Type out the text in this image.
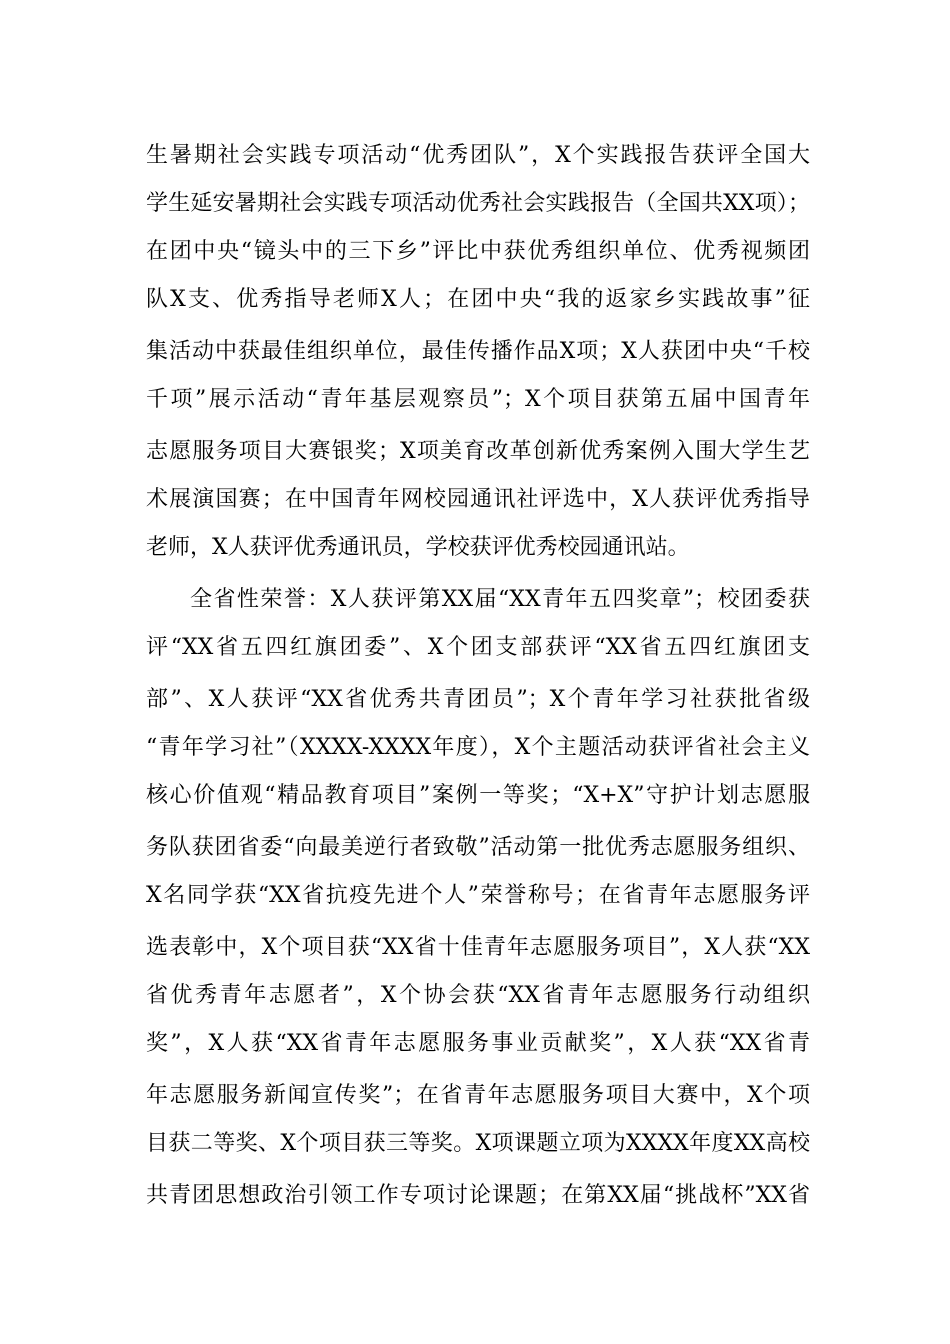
生暑期社会实践专项活动“优秀团队”，X个实践报告获评全国大
学生延安暑期社会实践专项活动优秀社会实践报告（全国共XX项）；
在团中央“镜头中的三下乡”评比中获优秀组织单位、优秀视频团
队X支、优秀指导老师X人；在团中央“我的返家乡实践故事”征
集活动中获最佳组织单位，最佳传播作品X项；X人获团中央“千校
千项”展示活动“青年基层观察员”；X个项目获第五届中国青年
志愿服务项目大赛银奖；X项美育改革创新优秀案例入围大学生艺
术展演国赛；在中国青年网校园通讯社评选中，X人获评优秀指导
老师，X人获评优秀通讯员，学校获评优秀校园通讯站。
全省性荣誉：X人获评第XX届“XX青年五四奖章”；校团委获
评“XX省五四红旗团委”、X个团支部获评“XX省五四红旗团支
部”、X人获评“XX省优秀共青团员”；X个青年学习社获批省级
“青年学习社”（XXXX-XXXX年度），X个主题活动获评省社会主义
核心价值观“精品教育项目”案例一等奖；“X+X”守护计划志愿服
务队获团省委“向最美逆行者致敬”活动第一批优秀志愿服务组织、
X名同学获“XX省抗疫先进个人”荣誉称号；在省青年志愿服务评
选表彰中，X个项目获“XX省十佳青年志愿服务项目”，X人获“XX
省优秀青年志愿者”，X个协会获“XX省青年志愿服务行动组织
奖”，X人获“XX省青年志愿服务事业贡献奖”，X人获“XX省青
年志愿服务新闻宣传奖”；在省青年志愿服务项目大赛中，X个项
目获二等奖、X个项目获三等奖。X项课题立项为XXXX年度XX高校
共青团思想政治引领工作专项讨论课题；在第XX届“挑战杯”XX省
